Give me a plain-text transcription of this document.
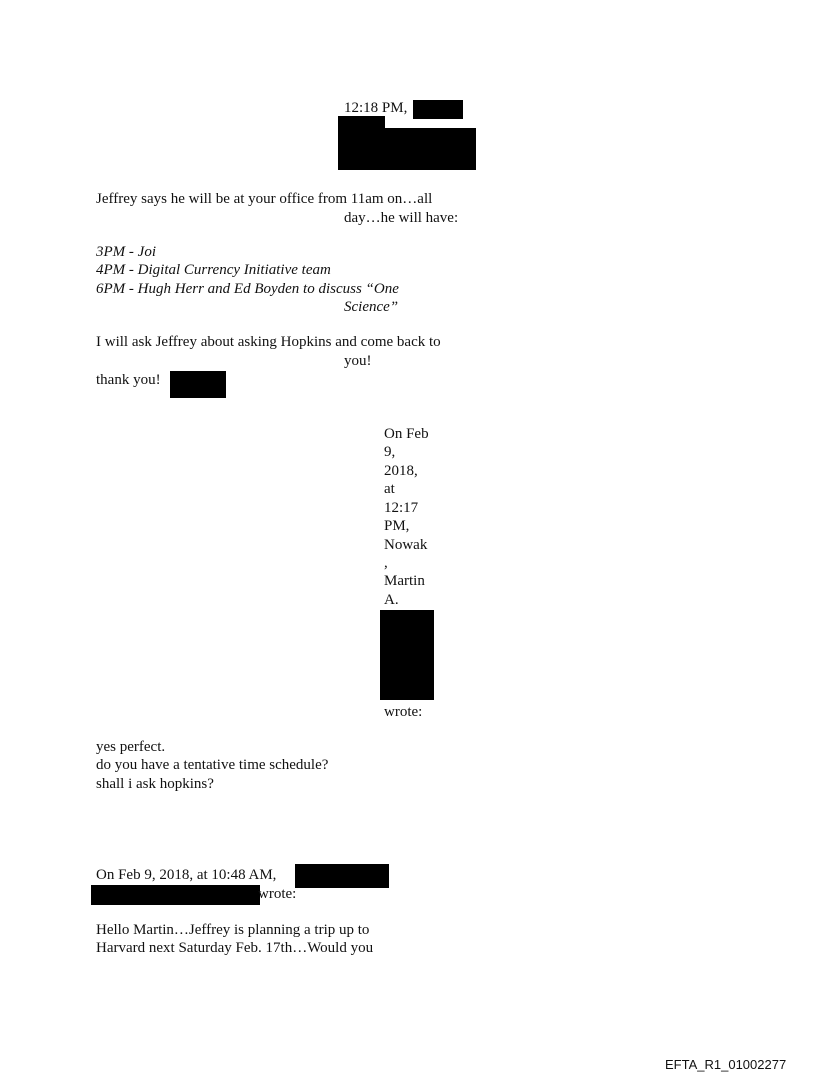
12:18 PM,
Jeffrey says he will be at your office from 11am on…all
day…he will have:
3PM - Joi
4PM - Digital Currency Initiative team
6PM - Hugh Herr and Ed Boyden to discuss “One
Science”
I will ask Jeffrey about asking Hopkins and come back to
you!
thank you!
On Feb
9,
2018,
at
12:17
PM,
Nowak
,
Martin
A.
wrote:
yes perfect.
do you have a tentative time schedule?
shall i ask hopkins?
On Feb 9, 2018, at 10:48 AM,
wrote:
Hello Martin…Jeffrey is planning a trip up to
Harvard next Saturday Feb. 17th…Would you
EFTA_R1_01002277
